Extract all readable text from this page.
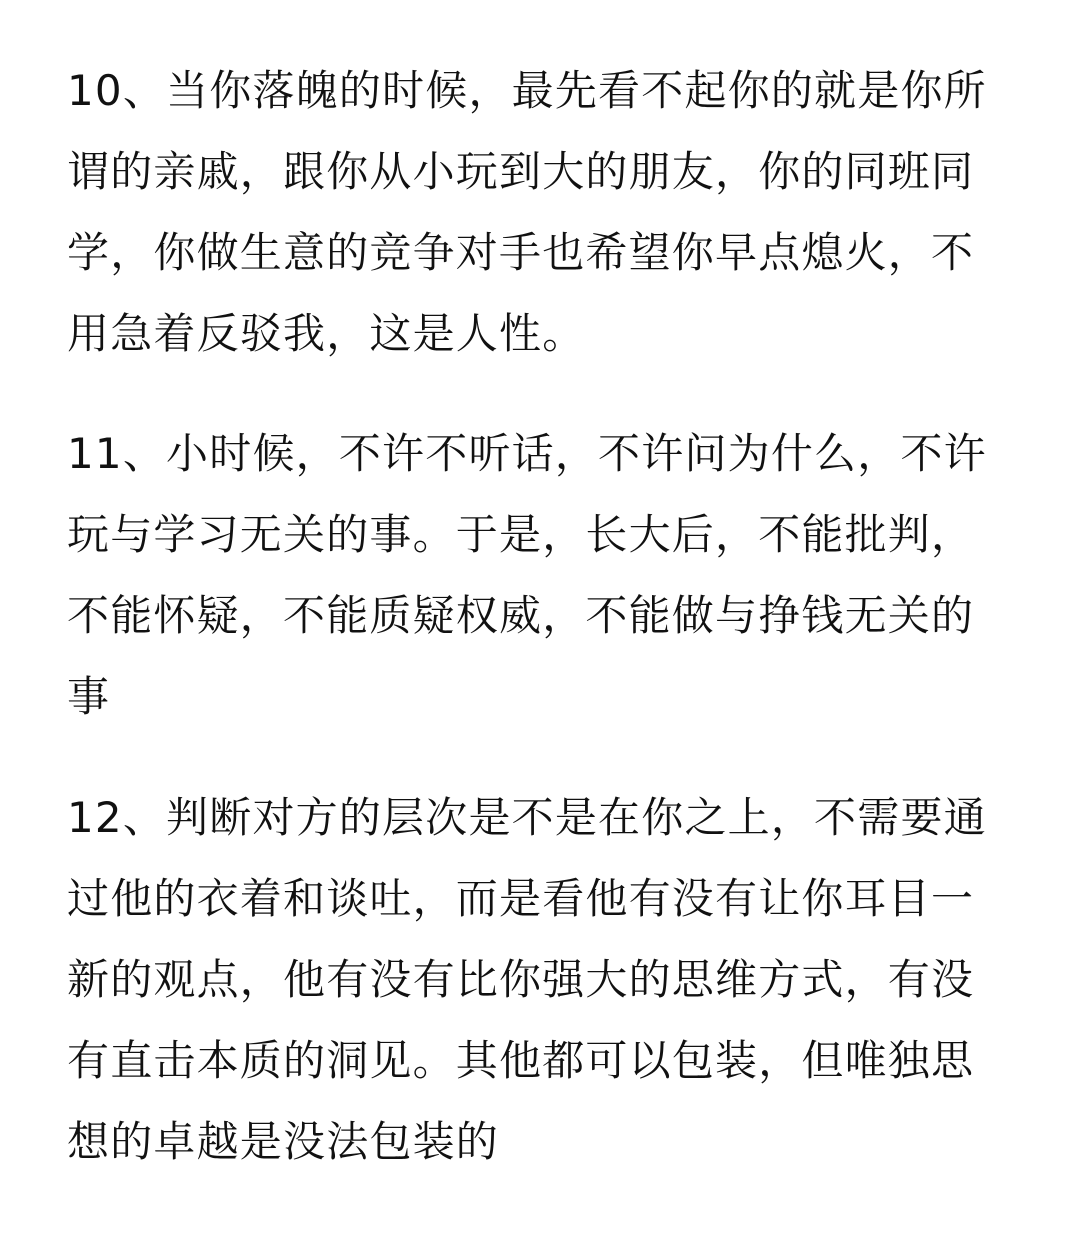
10、当你落魄的时候，最先看不起你的就是你所
谓的亲戚，跟你从小玩到大的朋友，你的同班同
学，你做生意的竞争对手也希望你早点熄火，不
用急着反驳我，这是人性。

11、小时候，不许不听话，不许问为什么，不许
玩与学习无关的事。于是，长大后，不能批判，
不能怀疑，不能质疑权威，不能做与挣钱无关的
事

12、判断对方的层次是不是在你之上，不需要通
过他的衣着和谈吐，而是看他有没有让你耳目一
新的观点，他有没有比你强大的思维方式，有没
有直击本质的洞见。其他都可以包装，但唯独思
想的卓越是没法包装的
